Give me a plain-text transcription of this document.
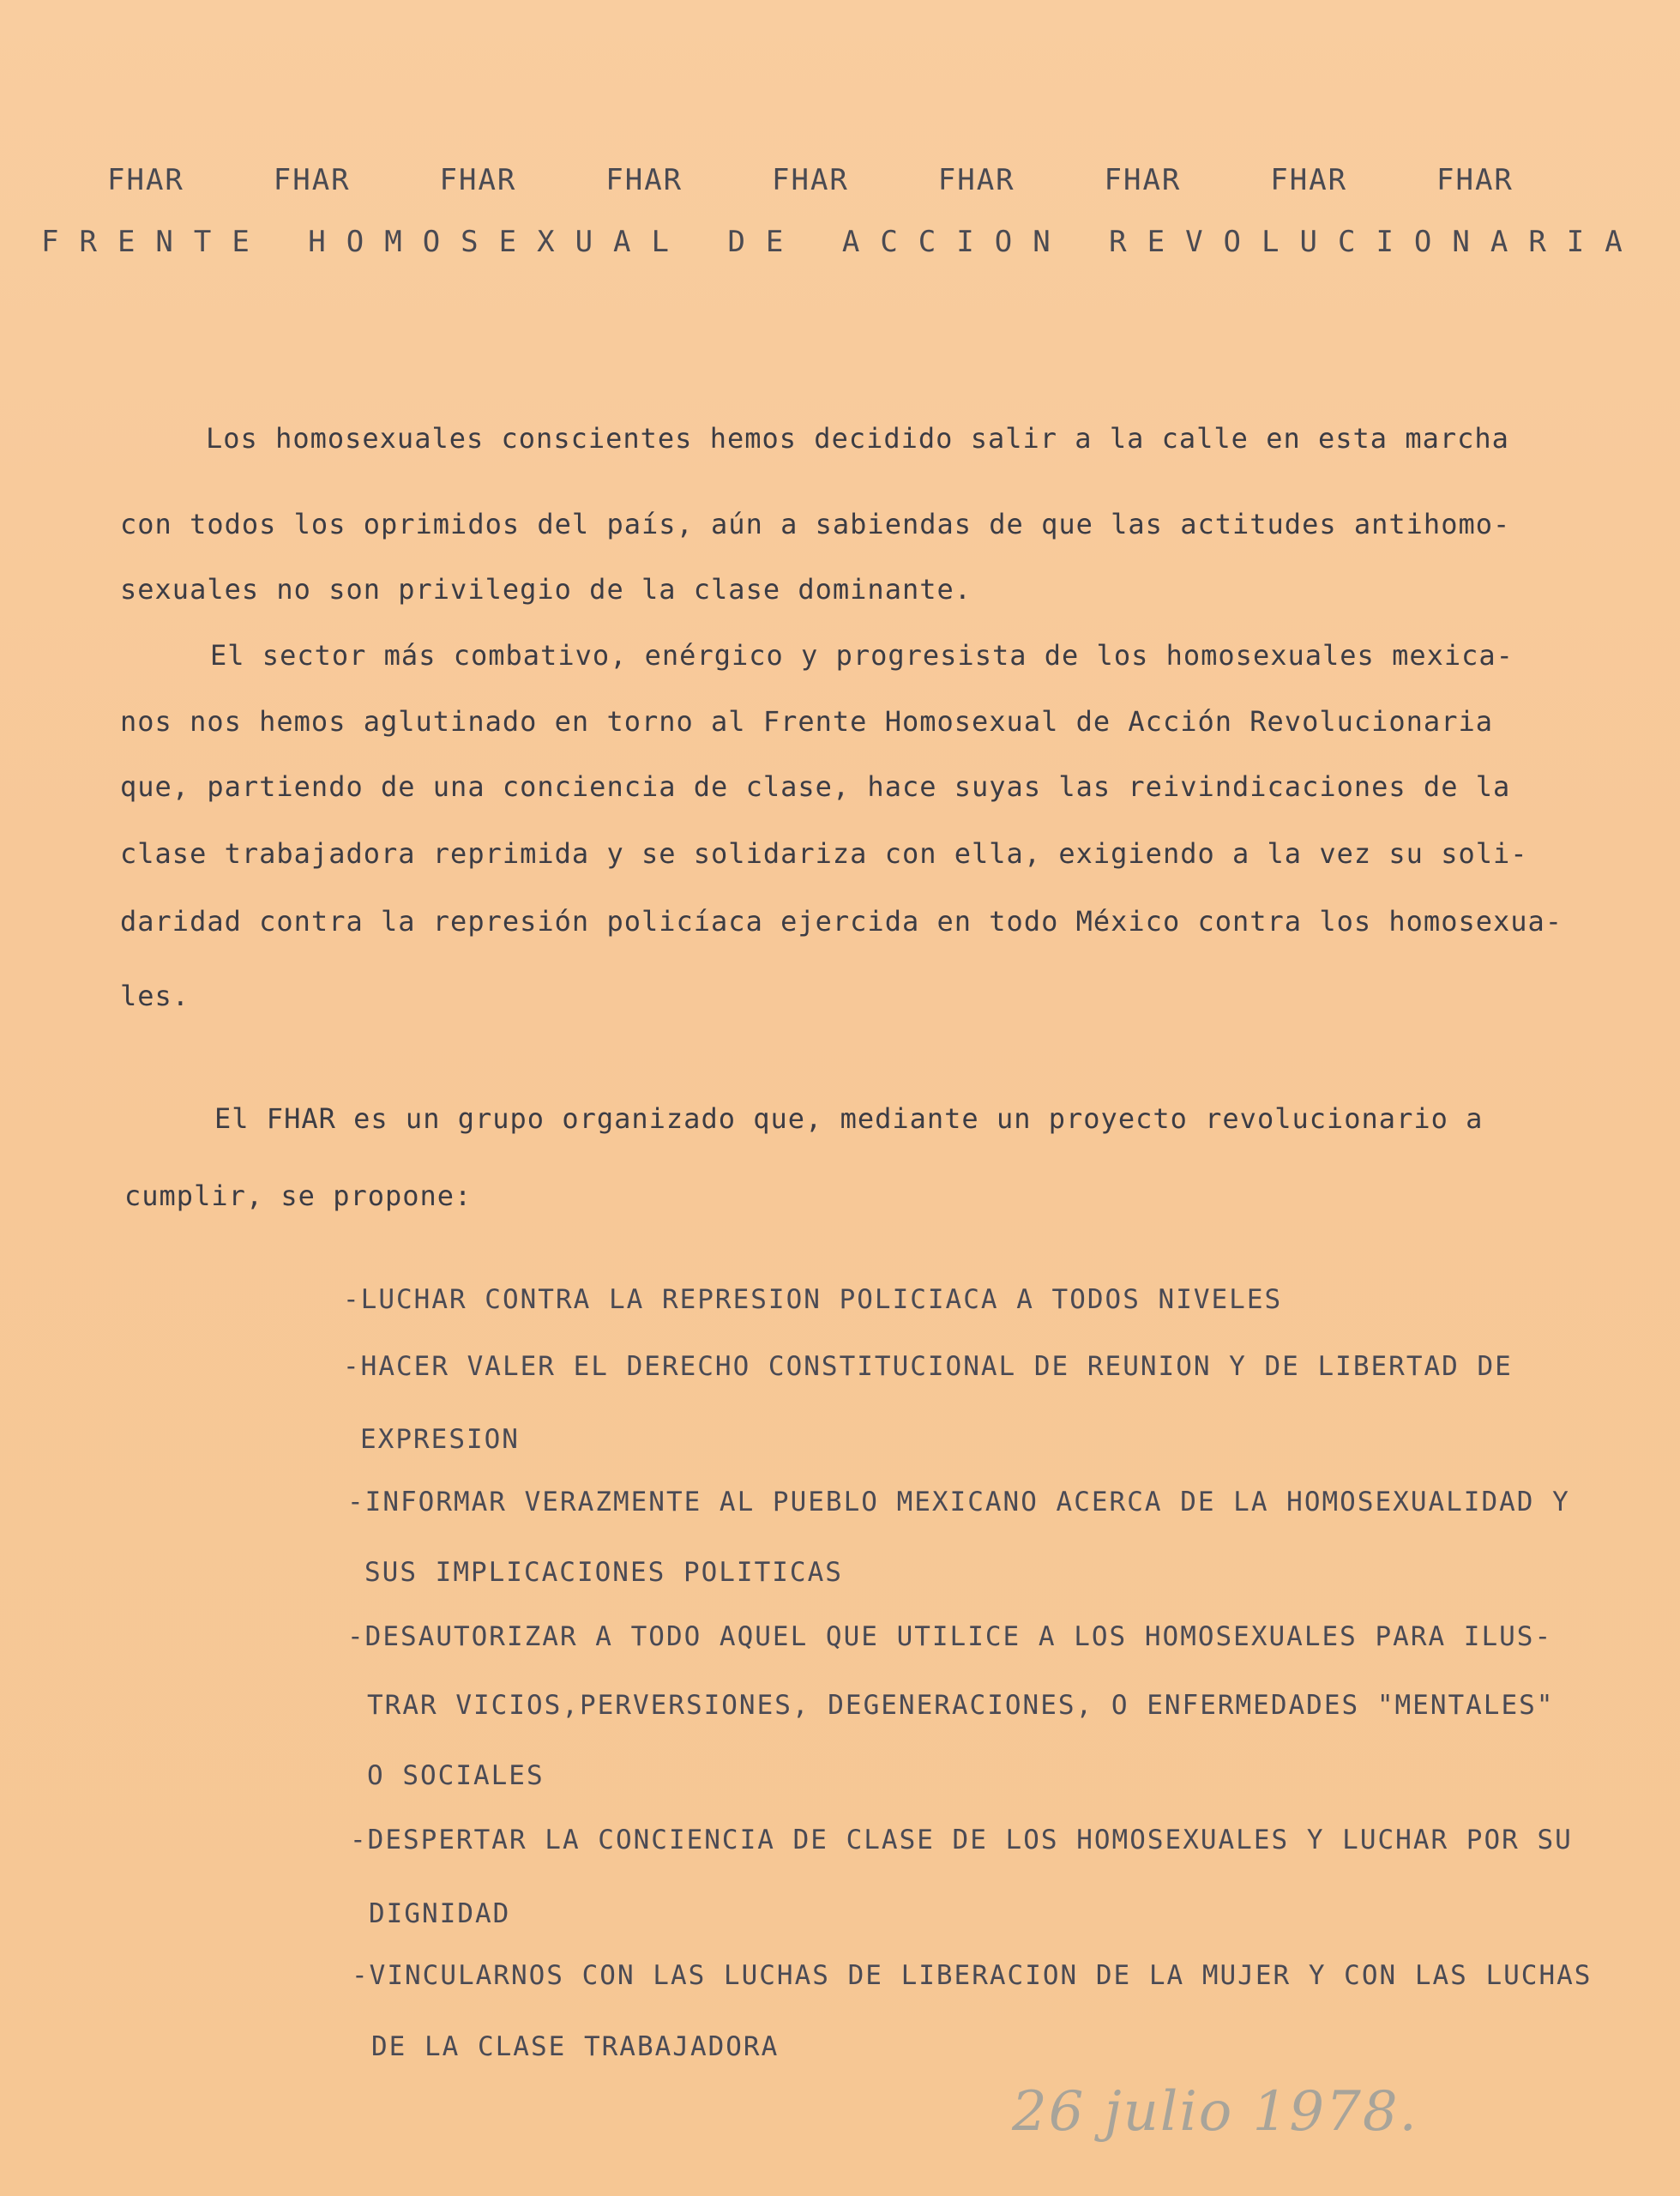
FHAR	FHAR	FHAR	FHAR	FHAR	FHAR	FHAR	FHAR	FHAR
FRENTE HOMOSEXUAL DE ACCION REVOLUCIONARIA
Los homosexuales conscientes hemos decidido salir a la calle en esta marcha
con todos los oprimidos del país, aún a sabiendas de que las actitudes antihomo-
sexuales no son privilegio de la clase dominante.
El sector más combativo, enérgico y progresista de los homosexuales mexica-
nos nos hemos aglutinado en torno al Frente Homosexual de Acción Revolucionaria
que, partiendo de una conciencia de clase, hace suyas las reivindicaciones de la
clase trabajadora reprimida y se solidariza con ella, exigiendo a la vez su soli-
daridad contra la represión policíaca ejercida en todo México contra los homosexua-
les.
El FHAR es un grupo organizado que, mediante un proyecto revolucionario a
cumplir, se propone:
-LUCHAR CONTRA LA REPRESION POLICIACA A TODOS NIVELES
-HACER VALER EL DERECHO CONSTITUCIONAL DE REUNION Y DE LIBERTAD DE
EXPRESION
-INFORMAR VERAZMENTE AL PUEBLO MEXICANO ACERCA DE LA HOMOSEXUALIDAD Y
SUS IMPLICACIONES POLITICAS
-DESAUTORIZAR A TODO AQUEL QUE UTILICE A LOS HOMOSEXUALES PARA ILUS-
TRAR VICIOS,PERVERSIONES, DEGENERACIONES, O ENFERMEDADES "MENTALES"
O SOCIALES
-DESPERTAR LA CONCIENCIA DE CLASE DE LOS HOMOSEXUALES Y LUCHAR POR SU
DIGNIDAD
-VINCULARNOS CON LAS LUCHAS DE LIBERACION DE LA MUJER Y CON LAS LUCHAS
DE LA CLASE TRABAJADORA
26 julio 1978.
